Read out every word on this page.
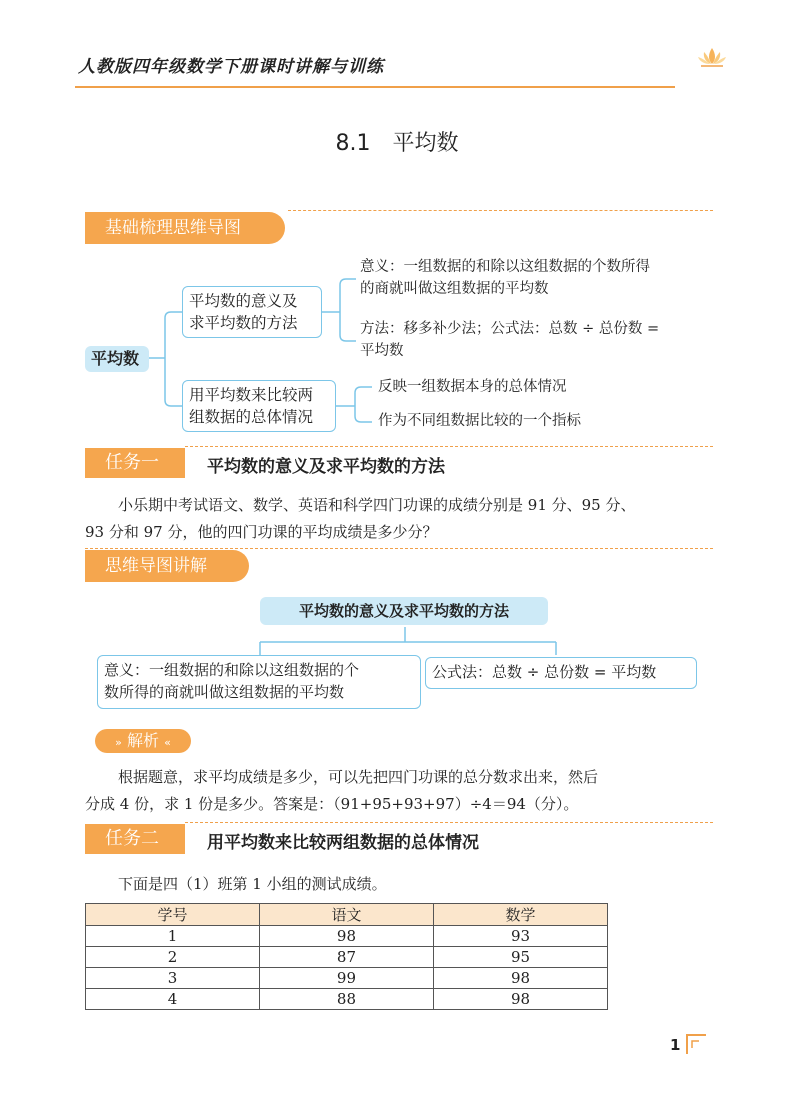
人教版四年级数学下册课时讲解与训练
8.1　平均数
基础梳理思维导图
平均数
平均数的意义及
求平均数的方法
用平均数来比较两
组数据的总体情况
意义：一组数据的和除以这组数据的个数所得
的商就叫做这组数据的平均数
方法：移多补少法；公式法：总数 ÷ 总份数 =
平均数
反映一组数据本身的总体情况
作为不同组数据比较的一个指标
任务一	平均数的意义及求平均数的方法
小乐期中考试语文、数学、英语和科学四门功课的成绩分别是 91 分、95 分、
93 分和 97 分，他的四门功课的平均成绩是多少分？
思维导图讲解
平均数的意义及求平均数的方法
意义：一组数据的和除以这组数据的个
数所得的商就叫做这组数据的平均数
公式法：总数 ÷ 总份数 = 平均数
» 解析 «
根据题意，求平均成绩是多少，可以先把四门功课的总分数求出来，然后
分成 4 份，求 1 份是多少。答案是：（91+95+93+97）÷4＝94（分）。
任务二	用平均数来比较两组数据的总体情况
下面是四（1）班第 1 小组的测试成绩。
学号	语文	数学
1	98	93
2	87	95
3	99	98
4	88	98
1
